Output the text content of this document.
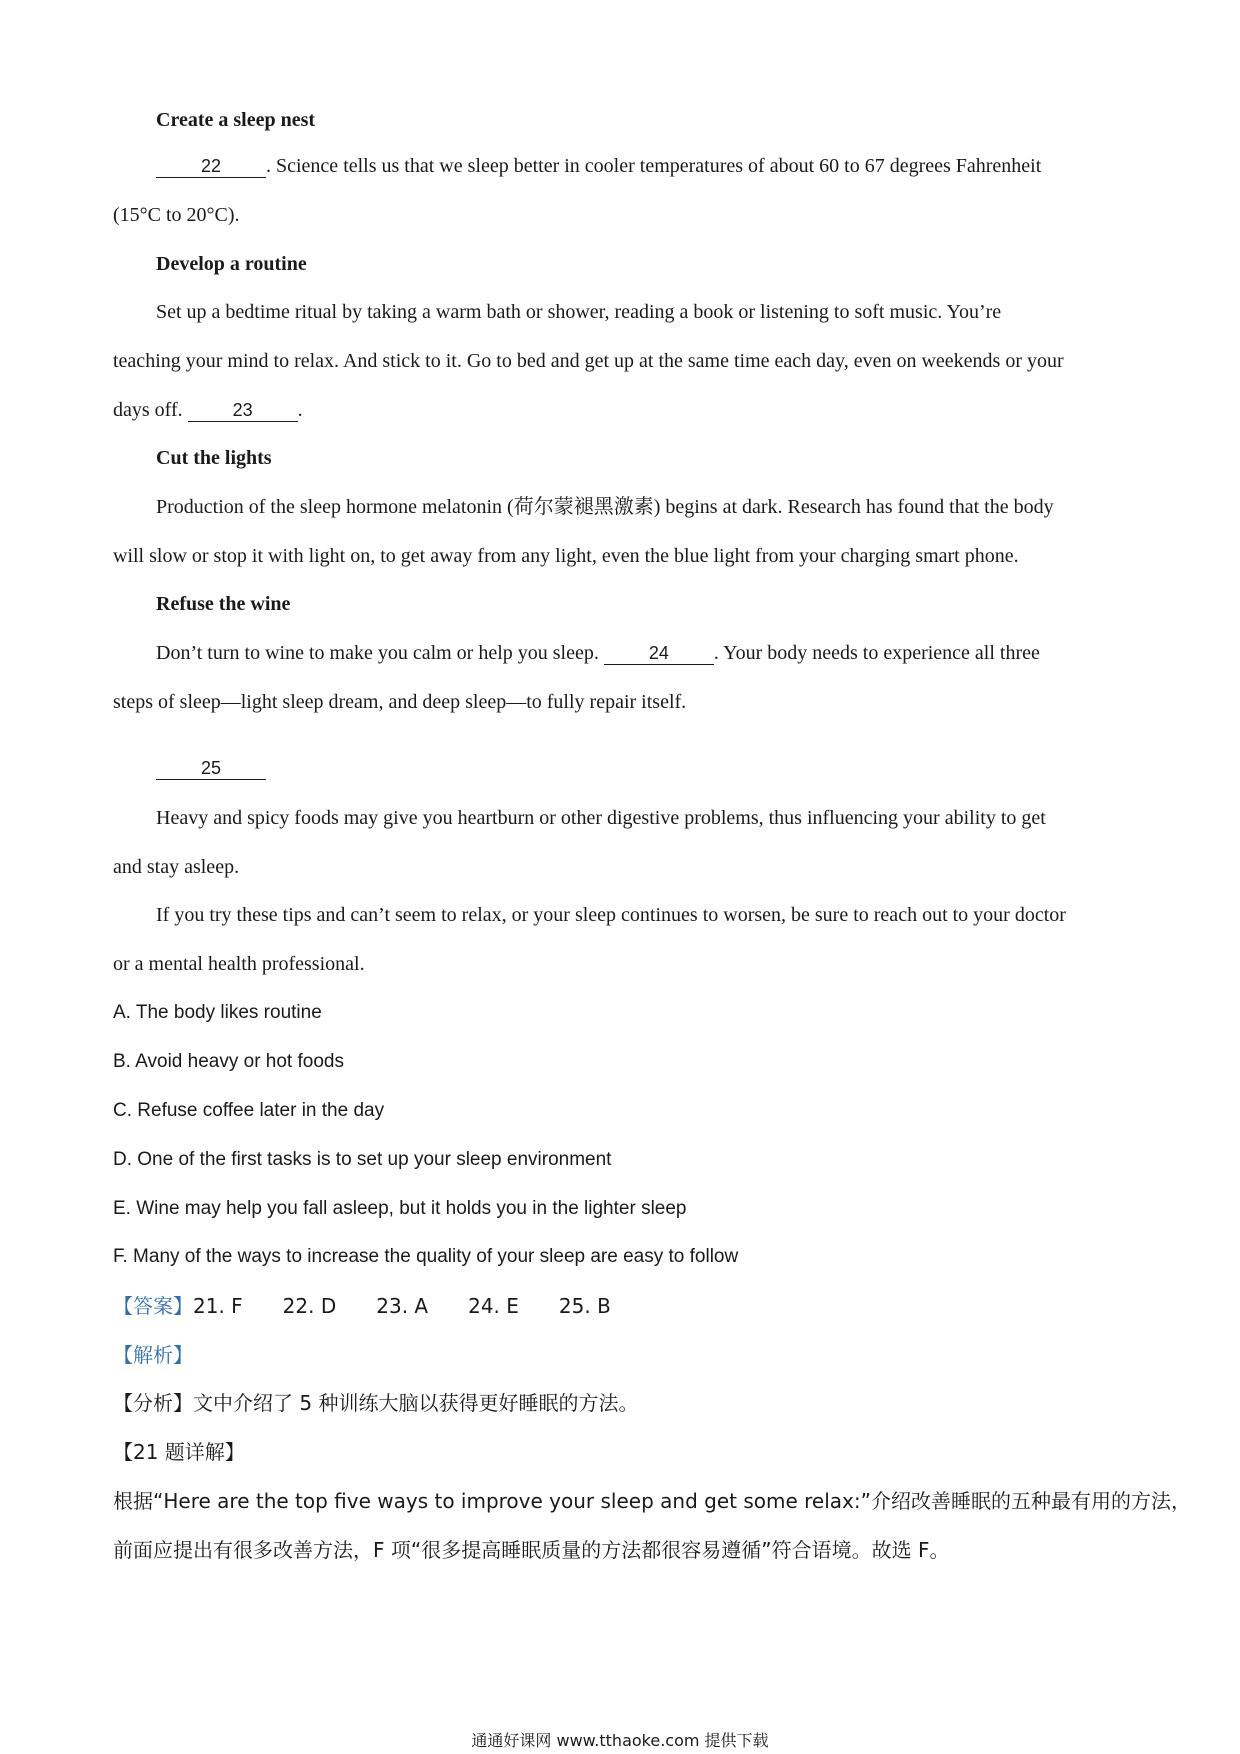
Create a sleep nest
22 . Science tells us that we sleep better in cooler temperatures of about 60 to 67 degrees Fahrenheit
(15°C to 20°C).
Develop a routine
Set up a bedtime ritual by taking a warm bath or shower, reading a book or listening to soft music. You’re
teaching your mind to relax. And stick to it. Go to bed and get up at the same time each day, even on weekends or your
days off.	23 .
Cut the lights
Production of the sleep hormone melatonin (荷尔蒙褪黑激素) begins at dark. Research has found that the body
will slow or stop it with light on, to get away from any light, even the blue light from your charging smart phone.
Refuse the wine
Don’t turn to wine to make you calm or help you sleep.	24 . Your body needs to experience all three
steps of sleep—light sleep dream, and deep sleep—to fully repair itself.
25
Heavy and spicy foods may give you heartburn or other digestive problems, thus influencing your ability to get
and stay asleep.
If you try these tips and can’t seem to relax, or your sleep continues to worsen, be sure to reach out to your doctor
or a mental health professional.
A. The body likes routine
B. Avoid heavy or hot foods
C. Refuse coffee later in the day
D. One of the first tasks is to set up your sleep environment
E. Wine may help you fall asleep, but it holds you in the lighter sleep
F. Many of the ways to increase the quality of your sleep are easy to follow
【答案】21. F 22. D 23. A 24. E 25. B
【解析】
【分析】文中介绍了 5 种训练大脑以获得更好睡眠的方法。
【21 题详解】
根据“Here are the top five ways to improve your sleep and get some relax:”介绍改善睡眠的五种最有用的方法，
前面应提出有很多改善方法，F 项“很多提高睡眠质量的方法都很容易遵循”符合语境。故选 F。
通通好课网 www.tthaoke.com 提供下载
